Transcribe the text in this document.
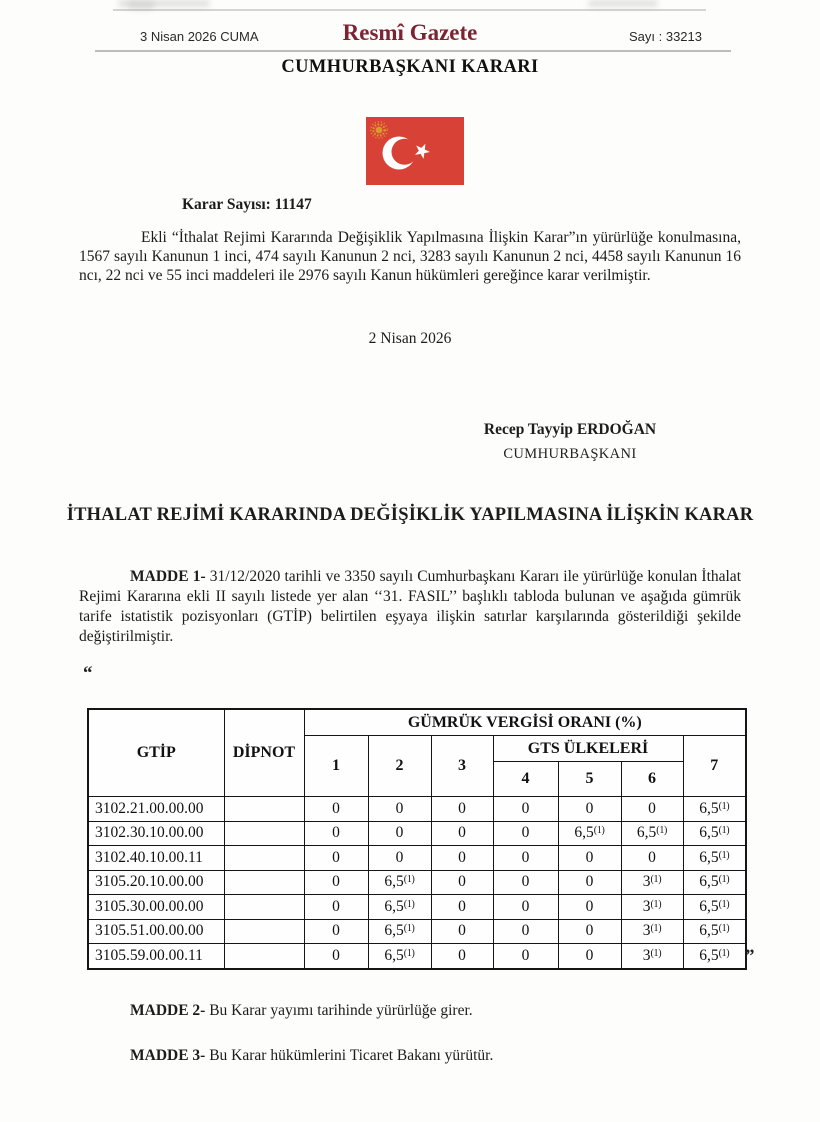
3 Nisan 2026 CUMA	Resmî Gazete	Sayı : 33213
CUMHURBAŞKANI KARARI
Karar Sayısı: 11147
Ekli “İthalat Rejimi Kararında Değişiklik Yapılmasına İlişkin Karar”ın yürürlüğe konulmasına, 1567 sayılı Kanunun 1 inci, 474 sayılı Kanunun 2 nci, 3283 sayılı Kanunun 2 nci, 4458 sayılı Kanunun 16 ncı, 22 nci ve 55 inci maddeleri ile 2976 sayılı Kanun hükümleri gereğince karar verilmiştir.
2 Nisan 2026
Recep Tayyip ERDOĞAN
CUMHURBAŞKANI
İTHALAT REJİMİ KARARINDA DEĞİŞİKLİK YAPILMASINA İLİŞKİN KARAR
MADDE 1- 31/12/2020 tarihli ve 3350 sayılı Cumhurbaşkanı Kararı ile yürürlüğe konulan İthalat Rejimi Kararına ekli II sayılı listede yer alan ‘‘31. FASIL’’ başlıklı tabloda bulunan ve aşağıda gümrük tarife istatistik pozisyonları (GTİP) belirtilen eşyaya ilişkin satırlar karşılarında gösterildiği şekilde değiştirilmiştir.
“
GTİP	DİPNOT	GÜMRÜK VERGİSİ ORANI (%)						
		1	2	3	GTS ÜLKELERİ			7
					4	5	6	
3102.21.00.00.00		0	0	0	0	0	0	6,5$^{(1)}$
3102.30.10.00.00		0	0	0	0	6,5$^{(1)}$	6,5$^{(1)}$	6,5$^{(1)}$
3102.40.10.00.11		0	0	0	0	0	0	6,5$^{(1)}$
3105.20.10.00.00		0	6,5$^{(1)}$	0	0	0	3$^{(1)}$	6,5$^{(1)}$
3105.30.00.00.00		0	6,5$^{(1)}$	0	0	0	3$^{(1)}$	6,5$^{(1)}$
3105.51.00.00.00		0	6,5$^{(1)}$	0	0	0	3$^{(1)}$	6,5$^{(1)}$
3105.59.00.00.11		0	6,5$^{(1)}$	0	0	0	3$^{(1)}$	6,5$^{(1)}$ ”
MADDE 2- Bu Karar yayımı tarihinde yürürlüğe girer.
MADDE 3- Bu Karar hükümlerini Ticaret Bakanı yürütür.
